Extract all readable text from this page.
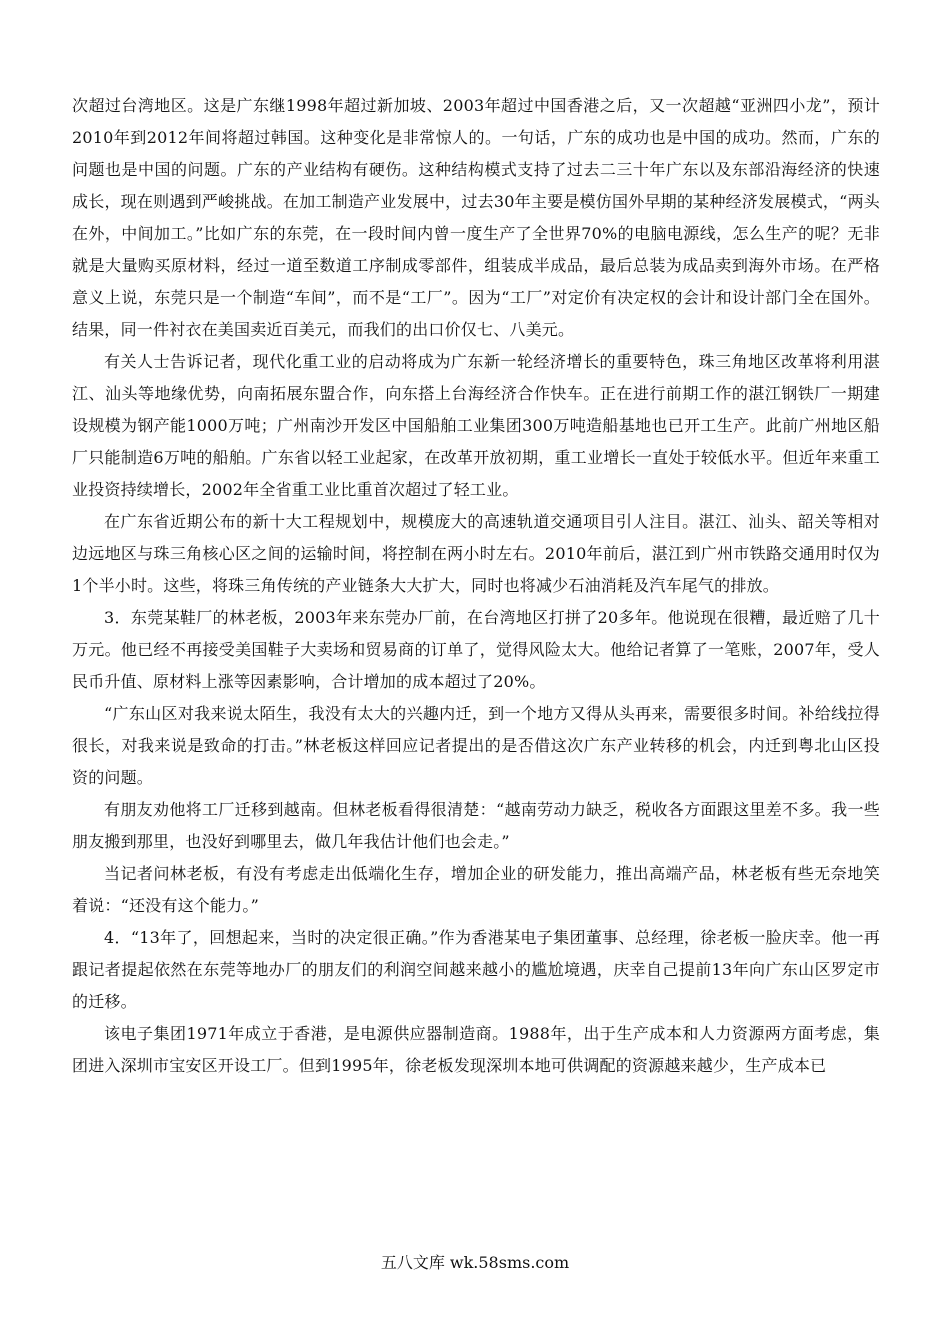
次超过台湾地区。这是广东继1998年超过新加坡、2003年超过中国香港之后，又一次超越“亚洲四小龙”，预计2010年到2012年间将超过韩国。这种变化是非常惊人的。一句话，广东的成功也是中国的成功。然而，广东的问题也是中国的问题。广东的产业结构有硬伤。这种结构模式支持了过去二三十年广东以及东部沿海经济的快速成长，现在则遇到严峻挑战。在加工制造产业发展中，过去30年主要是模仿国外早期的某种经济发展模式，“两头在外，中间加工。”比如广东的东莞，在一段时间内曾一度生产了全世界70%的电脑电源线，怎么生产的呢？无非就是大量购买原材料，经过一道至数道工序制成零部件，组装成半成品，最后总装为成品卖到海外市场。在严格意义上说，东莞只是一个制造“车间”，而不是“工厂”。因为“工厂”对定价有决定权的会计和设计部门全在国外。结果，同一件衬衣在美国卖近百美元，而我们的出口价仅七、八美元。

有关人士告诉记者，现代化重工业的启动将成为广东新一轮经济增长的重要特色，珠三角地区改革将利用湛江、汕头等地缘优势，向南拓展东盟合作，向东搭上台海经济合作快车。正在进行前期工作的湛江钢铁厂一期建设规模为钢产能1000万吨；广州南沙开发区中国船舶工业集团300万吨造船基地也已开工生产。此前广州地区船厂只能制造6万吨的船舶。广东省以轻工业起家，在改革开放初期，重工业增长一直处于较低水平。但近年来重工业投资持续增长，2002年全省重工业比重首次超过了轻工业。

在广东省近期公布的新十大工程规划中，规模庞大的高速轨道交通项目引人注目。湛江、汕头、韶关等相对边远地区与珠三角核心区之间的运输时间，将控制在两小时左右。2010年前后，湛江到广州市铁路交通用时仅为1个半小时。这些，将珠三角传统的产业链条大大扩大，同时也将减少石油消耗及汽车尾气的排放。

3．东莞某鞋厂的林老板，2003年来东莞办厂前，在台湾地区打拼了20多年。他说现在很糟，最近赔了几十万元。他已经不再接受美国鞋子大卖场和贸易商的订单了，觉得风险太大。他给记者算了一笔账，2007年，受人民币升值、原材料上涨等因素影响，合计增加的成本超过了20%。

“广东山区对我来说太陌生，我没有太大的兴趣内迁，到一个地方又得从头再来，需要很多时间。补给线拉得很长，对我来说是致命的打击。”林老板这样回应记者提出的是否借这次广东产业转移的机会，内迁到粤北山区投资的问题。

有朋友劝他将工厂迁移到越南。但林老板看得很清楚：“越南劳动力缺乏，税收各方面跟这里差不多。我一些朋友搬到那里，也没好到哪里去，做几年我估计他们也会走。”

当记者问林老板，有没有考虑走出低端化生存，增加企业的研发能力，推出高端产品，林老板有些无奈地笑着说：“还没有这个能力。”

4．“13年了，回想起来，当时的决定很正确。”作为香港某电子集团董事、总经理，徐老板一脸庆幸。他一再跟记者提起依然在东莞等地办厂的朋友们的利润空间越来越小的尴尬境遇，庆幸自己提前13年向广东山区罗定市的迁移。

该电子集团1971年成立于香港，是电源供应器制造商。1988年，出于生产成本和人力资源两方面考虑，集团进入深圳市宝安区开设工厂。但到1995年，徐老板发现深圳本地可供调配的资源越来越少，生产成本已

五八文库 wk.58sms.com
